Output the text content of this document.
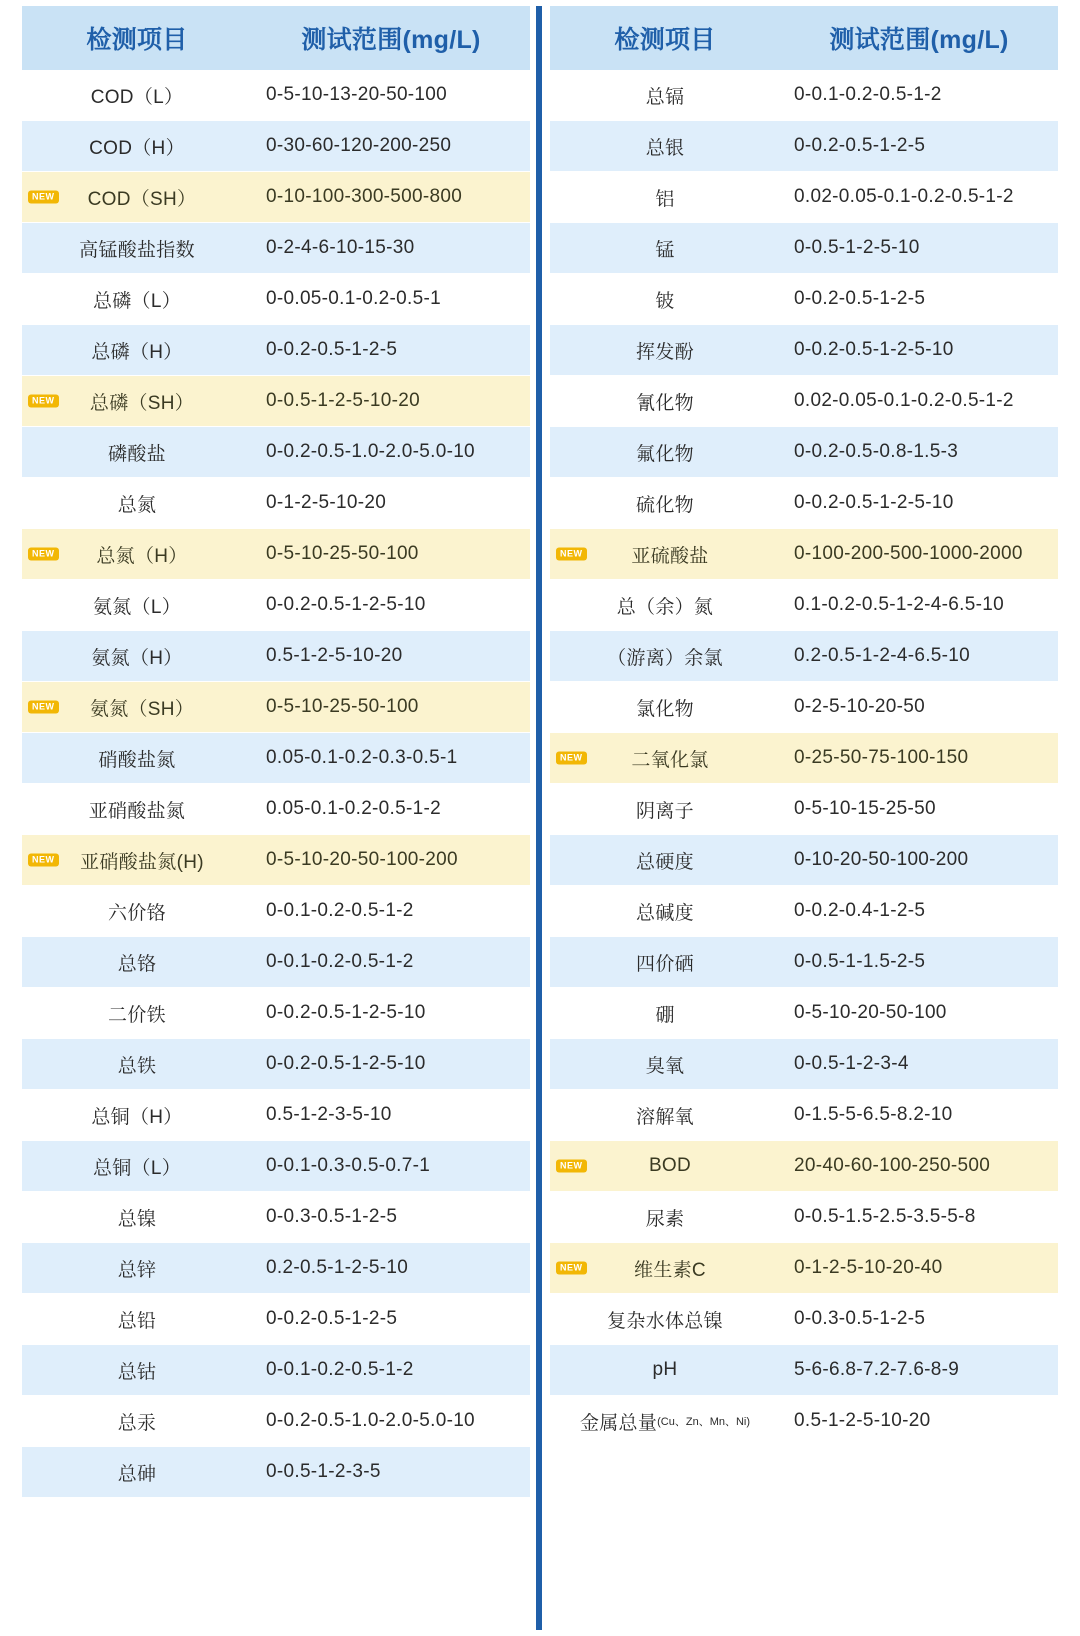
检测项目	测试范围(mg/L)
COD（L）	0-5-10-13-20-50-100
COD（H）	0-30-60-120-200-250
NEW COD（SH）	0-10-100-300-500-800
高锰酸盐指数	0-2-4-6-10-15-30
总磷（L）	0-0.05-0.1-0.2-0.5-1
总磷（H）	0-0.2-0.5-1-2-5
NEW 总磷（SH）	0-0.5-1-2-5-10-20
磷酸盐	0-0.2-0.5-1.0-2.0-5.0-10
总氮	0-1-2-5-10-20
NEW 总氮（H）	0-5-10-25-50-100
氨氮（L）	0-0.2-0.5-1-2-5-10
氨氮（H）	0.5-1-2-5-10-20
NEW 氨氮（SH）	0-5-10-25-50-100
硝酸盐氮	0.05-0.1-0.2-0.3-0.5-1
亚硝酸盐氮	0.05-0.1-0.2-0.5-1-2
NEW 亚硝酸盐氮(H)	0-5-10-20-50-100-200
六价铬	0-0.1-0.2-0.5-1-2
总铬	0-0.1-0.2-0.5-1-2
二价铁	0-0.2-0.5-1-2-5-10
总铁	0-0.2-0.5-1-2-5-10
总铜（H）	0.5-1-2-3-5-10
总铜（L）	0-0.1-0.3-0.5-0.7-1
总镍	0-0.3-0.5-1-2-5
总锌	0.2-0.5-1-2-5-10
总铅	0-0.2-0.5-1-2-5
总钴	0-0.1-0.2-0.5-1-2
总汞	0-0.2-0.5-1.0-2.0-5.0-10
总砷	0-0.5-1-2-3-5
检测项目	测试范围(mg/L)
总镉	0-0.1-0.2-0.5-1-2
总银	0-0.2-0.5-1-2-5
铝	0.02-0.05-0.1-0.2-0.5-1-2
锰	0-0.5-1-2-5-10
铍	0-0.2-0.5-1-2-5
挥发酚	0-0.2-0.5-1-2-5-10
氰化物	0.02-0.05-0.1-0.2-0.5-1-2
氟化物	0-0.2-0.5-0.8-1.5-3
硫化物	0-0.2-0.5-1-2-5-10
NEW	亚硫酸盐	0-100-200-500-1000-2000
总（余）氮	0.1-0.2-0.5-1-2-4-6.5-10
（游离）余氯	0.2-0.5-1-2-4-6.5-10
氯化物	0-2-5-10-20-50
NEW	二氧化氯	0-25-50-75-100-150
阴离子	0-5-10-15-25-50
总硬度	0-10-20-50-100-200
总碱度	0-0.2-0.4-1-2-5
四价硒	0-0.5-1-1.5-2-5
硼	0-5-10-20-50-100
臭氧	0-0.5-1-2-3-4
溶解氧	0-1.5-5-6.5-8.2-10
NEW	BOD	20-40-60-100-250-500
尿素	0-0.5-1.5-2.5-3.5-5-8
NEW	维生素C	0-1-2-5-10-20-40
复杂水体总镍	0-0.3-0.5-1-2-5
pH	5-6-6.8-7.2-7.6-8-9
金属总量 (Cu、Zn、Mn、Ni)	0.5-1-2-5-10-20
